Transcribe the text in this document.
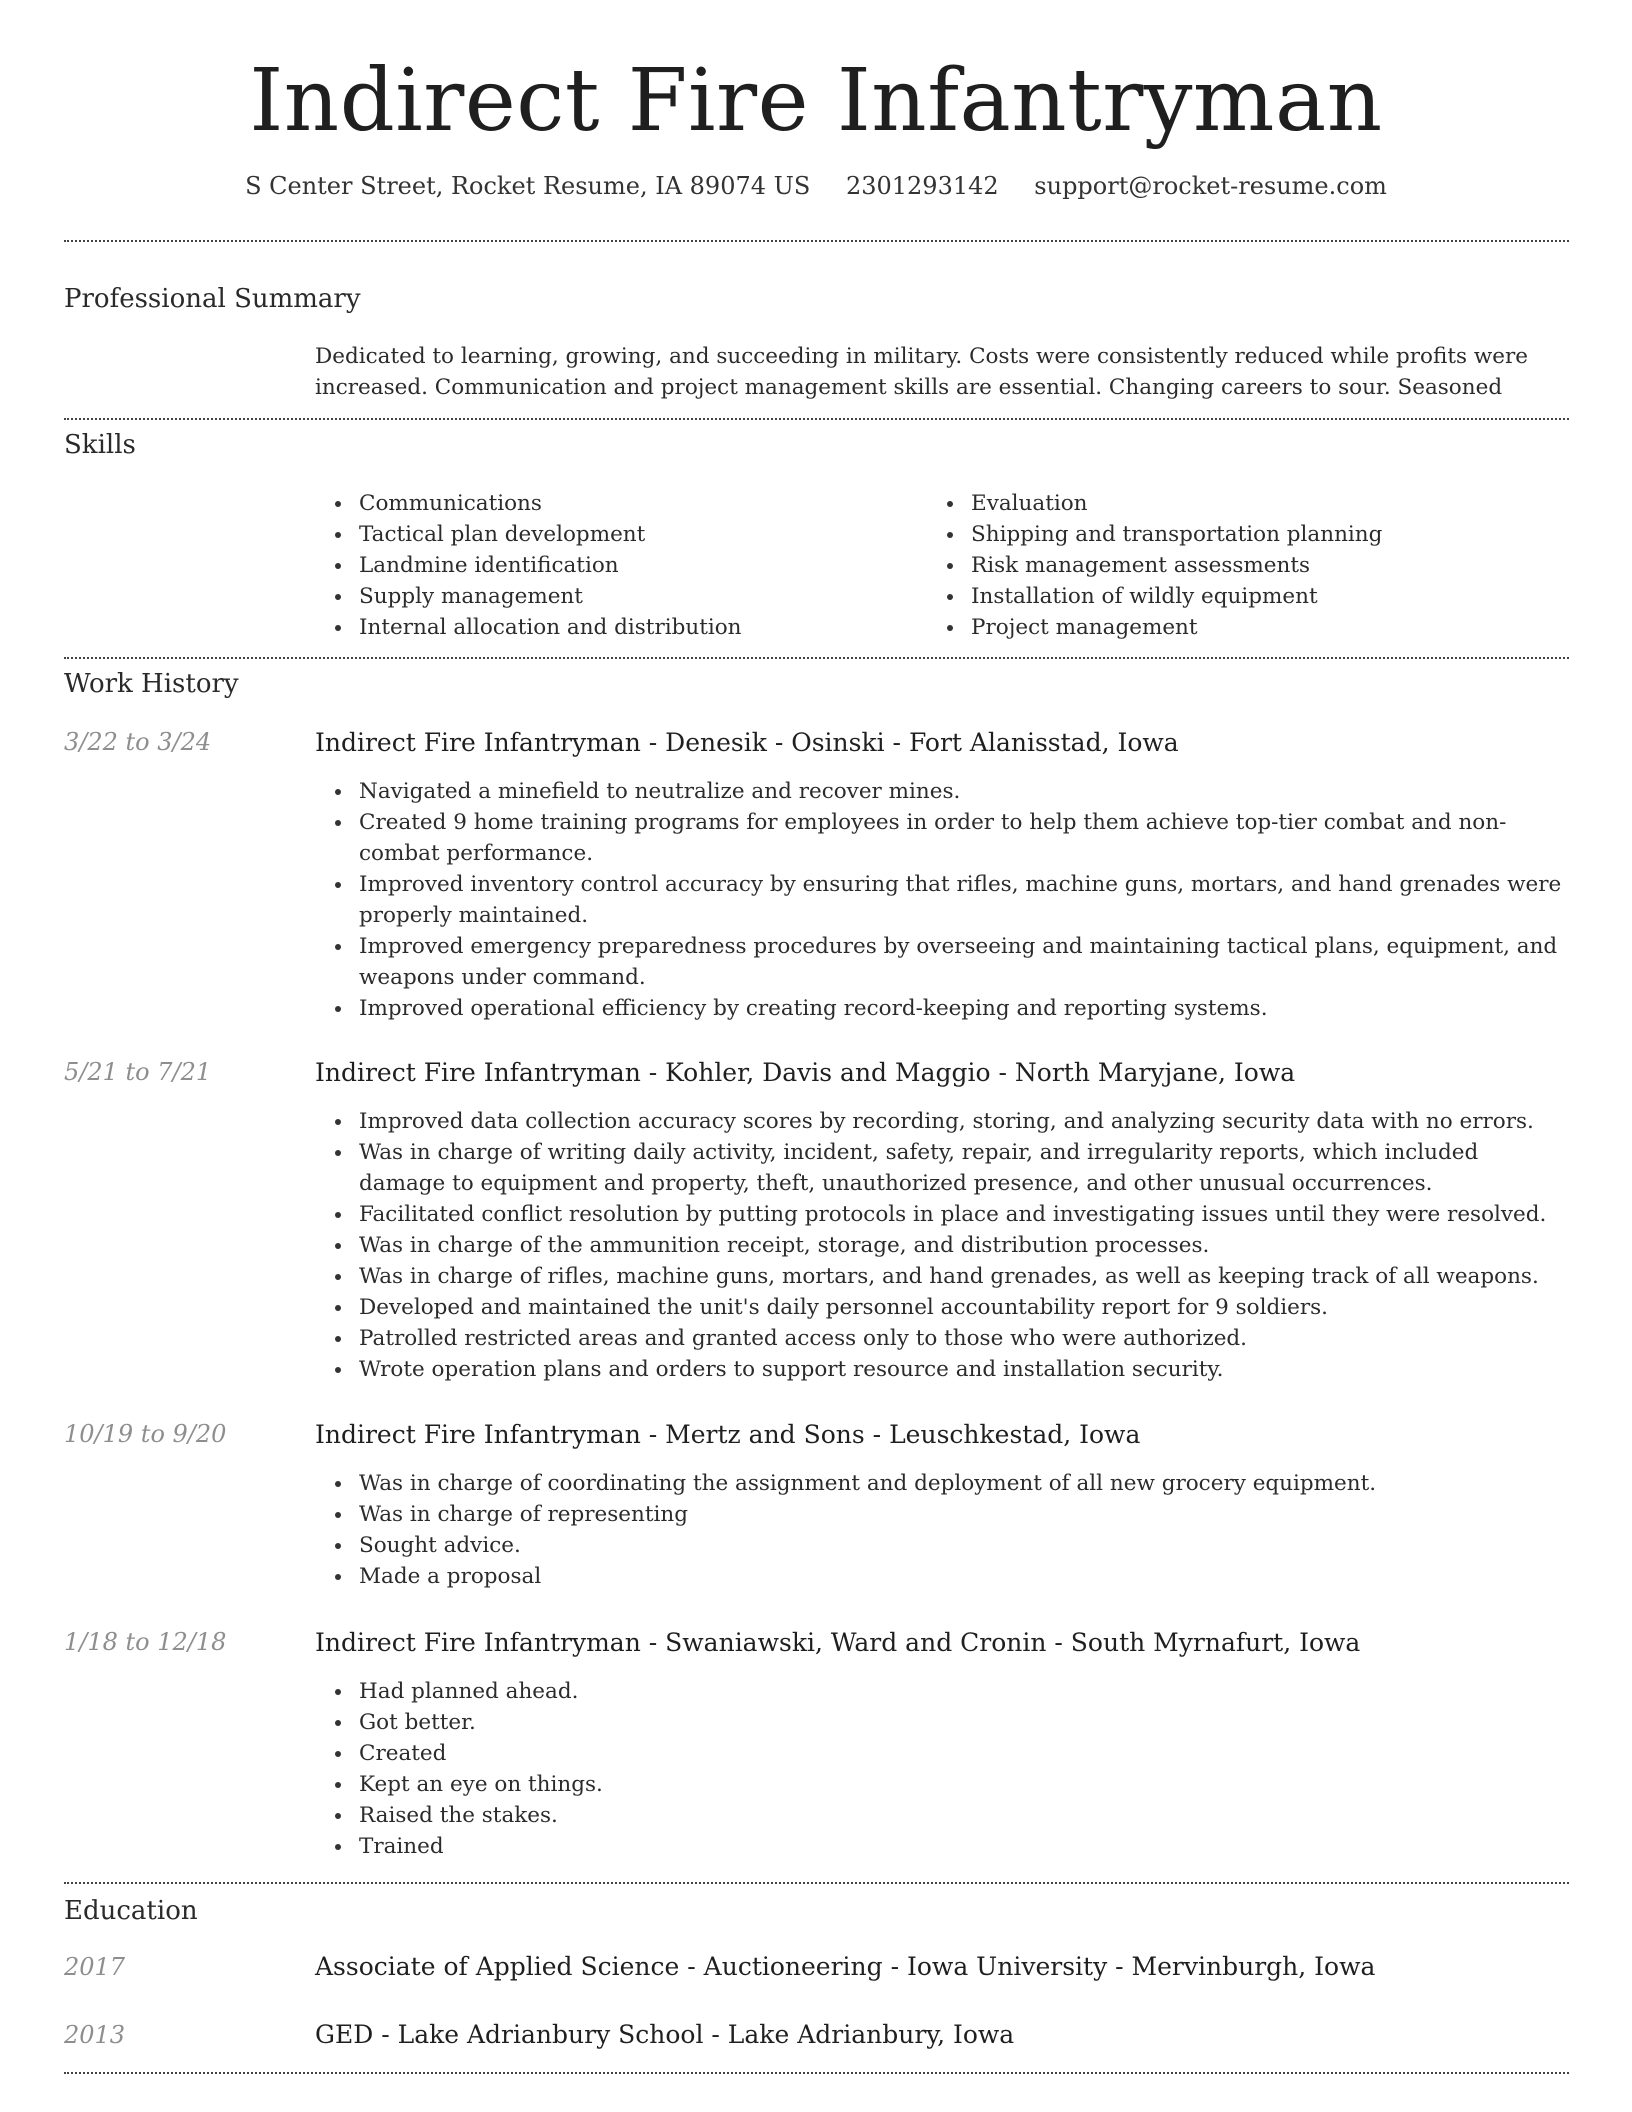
Indirect Fire Infantryman
S Center Street, Rocket Resume, IA 89074 US 2301293142 support@rocket-resume.com
Professional Summary

Dedicated to learning, growing, and succeeding in military. Costs were consistently reduced while profits were increased. Communication and project management skills are essential. Changing careers to sour. Seasoned

Skills
Communications
Tactical plan development
Landmine identification
Supply management
Internal allocation and distribution
Evaluation
Shipping and transportation planning
Risk management assessments
Installation of wildly equipment
Project management
Work History
3/22 to 3/24	Indirect Fire Infantryman - Denesik - Osinski - Fort Alanisstad, Iowa
Navigated a minefield to neutralize and recover mines.
Created 9 home training programs for employees in order to help them achieve top-tier combat and non-combat performance.
Improved inventory control accuracy by ensuring that rifles, machine guns, mortars, and hand grenades were properly maintained.
Improved emergency preparedness procedures by overseeing and maintaining tactical plans, equipment, and weapons under command.
Improved operational efficiency by creating record-keeping and reporting systems.
5/21 to 7/21	Indirect Fire Infantryman - Kohler, Davis and Maggio - North Maryjane, Iowa
Improved data collection accuracy scores by recording, storing, and analyzing security data with no errors.
Was in charge of writing daily activity, incident, safety, repair, and irregularity reports, which included damage to equipment and property, theft, unauthorized presence, and other unusual occurrences.
Facilitated conflict resolution by putting protocols in place and investigating issues until they were resolved.
Was in charge of the ammunition receipt, storage, and distribution processes.
Was in charge of rifles, machine guns, mortars, and hand grenades, as well as keeping track of all weapons.
Developed and maintained the unit's daily personnel accountability report for 9 soldiers.
Patrolled restricted areas and granted access only to those who were authorized.
Wrote operation plans and orders to support resource and installation security.
10/19 to 9/20	Indirect Fire Infantryman - Mertz and Sons - Leuschkestad, Iowa
Was in charge of coordinating the assignment and deployment of all new grocery equipment.
Was in charge of representing
Sought advice.
Made a proposal
1/18 to 12/18	Indirect Fire Infantryman - Swaniawski, Ward and Cronin - South Myrnafurt, Iowa
Had planned ahead.
Got better.
Created
Kept an eye on things.
Raised the stakes.
Trained
Education
2017	Associate of Applied Science - Auctioneering - Iowa University - Mervinburgh, Iowa
2013	GED - Lake Adrianbury School - Lake Adrianbury, Iowa
